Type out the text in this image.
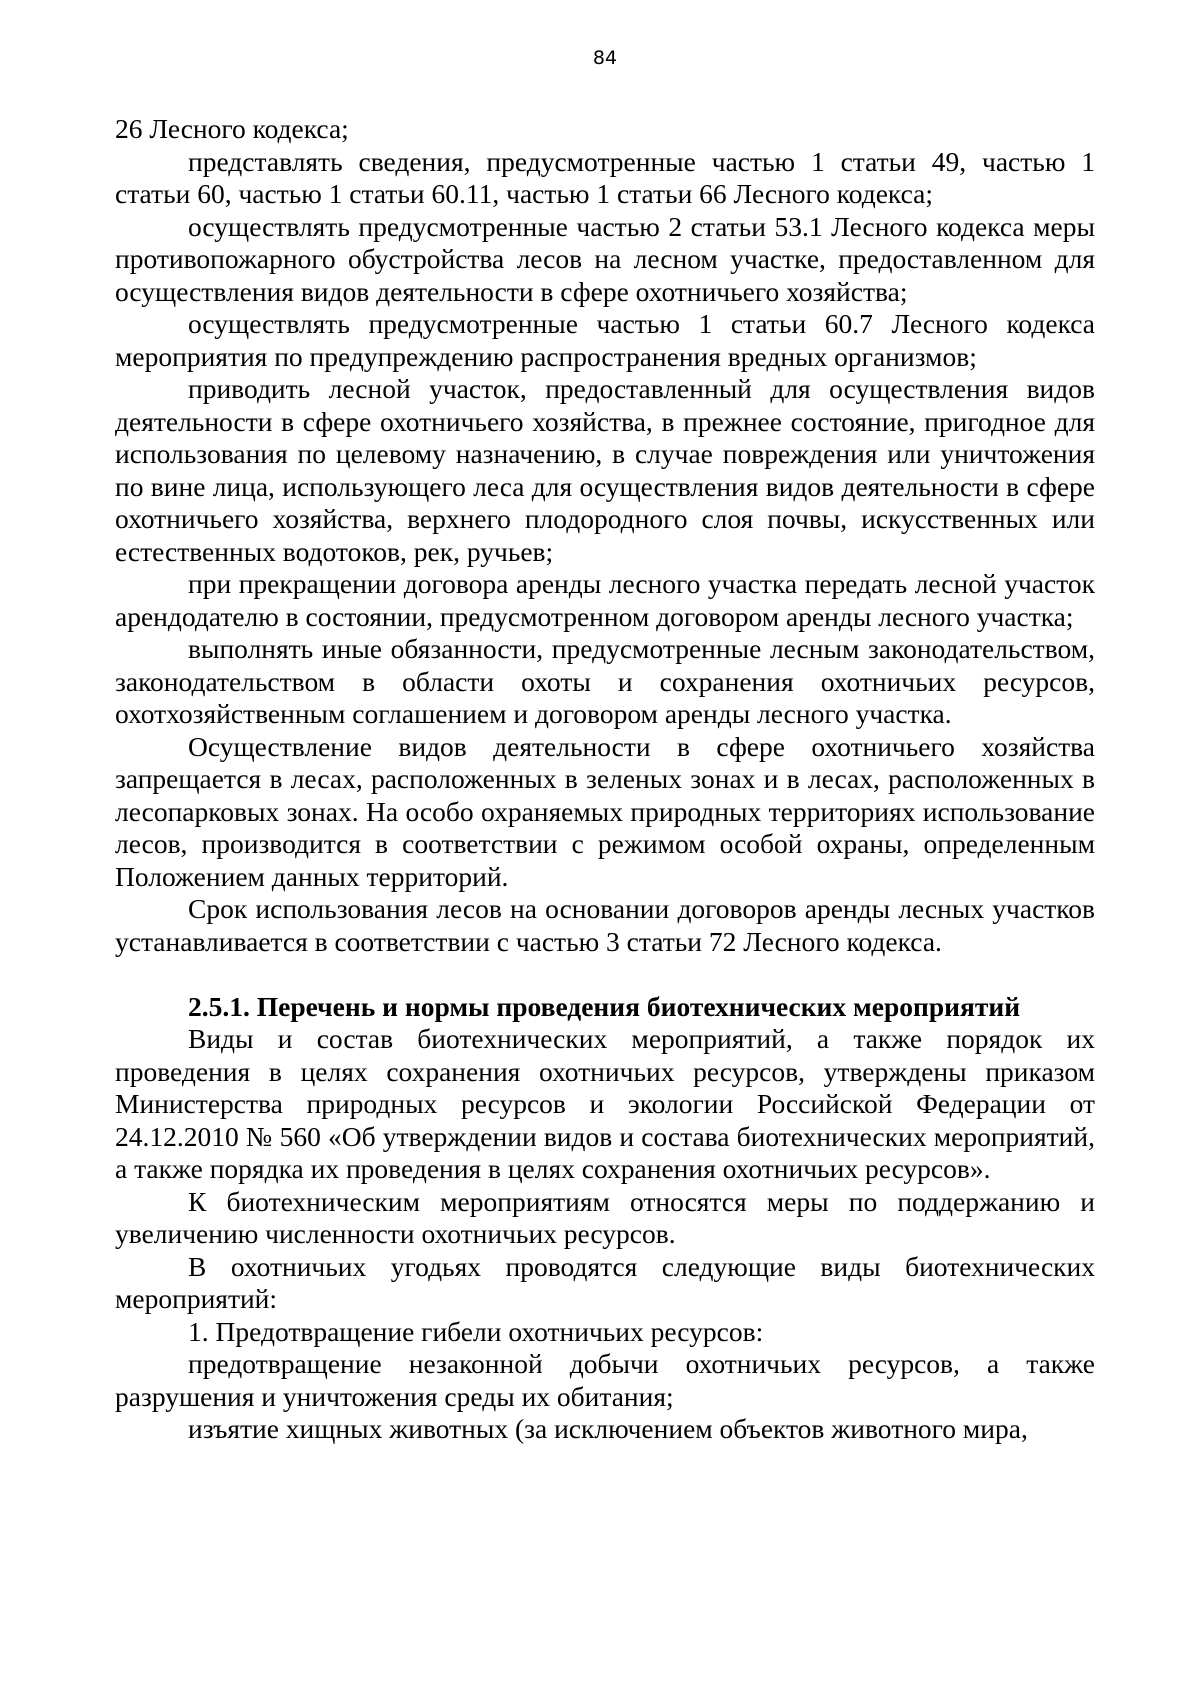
84

26 Лесного кодекса;

представлять сведения, предусмотренные частью 1 статьи 49, частью 1 статьи 60, частью 1 статьи 60.11, частью 1 статьи 66 Лесного кодекса;

осуществлять предусмотренные частью 2 статьи 53.1 Лесного кодекса меры противопожарного обустройства лесов на лесном участке, предоставленном для осуществления видов деятельности в сфере охотничьего хозяйства;

осуществлять предусмотренные частью 1 статьи 60.7 Лесного кодекса мероприятия по предупреждению распространения вредных организмов;

приводить лесной участок, предоставленный для осуществления видов деятельности в сфере охотничьего хозяйства, в прежнее состояние, пригодное для использования по целевому назначению, в случае повреждения или уничтожения по вине лица, использующего леса для осуществления видов деятельности в сфере охотничьего хозяйства, верхнего плодородного слоя почвы, искусственных или естественных водотоков, рек, ручьев;

при прекращении договора аренды лесного участка передать лесной участок арендодателю в состоянии, предусмотренном договором аренды лесного участка;

выполнять иные обязанности, предусмотренные лесным законодательством, законодательством в области охоты и сохранения охотничьих ресурсов, охотхозяйственным соглашением и договором аренды лесного участка.

Осуществление видов деятельности в сфере охотничьего хозяйства запрещается в лесах, расположенных в зеленых зонах и в лесах, расположенных в лесопарковых зонах. На особо охраняемых природных территориях использование лесов, производится в соответствии с режимом особой охраны, определенным Положением данных территорий.

Срок использования лесов на основании договоров аренды лесных участков устанавливается в соответствии с частью 3 статьи 72 Лесного кодекса.

2.5.1. Перечень и нормы проведения биотехнических мероприятий

Виды и состав биотехнических мероприятий, а также порядок их проведения в целях сохранения охотничьих ресурсов, утверждены приказом Министерства природных ресурсов и экологии Российской Федерации от 24.12.2010 № 560 «Об утверждении видов и состава биотехнических мероприятий, а также порядка их проведения в целях сохранения охотничьих ресурсов».

К биотехническим мероприятиям относятся меры по поддержанию и увеличению численности охотничьих ресурсов.

В охотничьих угодьях проводятся следующие виды биотехнических мероприятий:

1. Предотвращение гибели охотничьих ресурсов:

предотвращение незаконной добычи охотничьих ресурсов, а также разрушения и уничтожения среды их обитания;

изъятие хищных животных (за исключением объектов животного мира,
